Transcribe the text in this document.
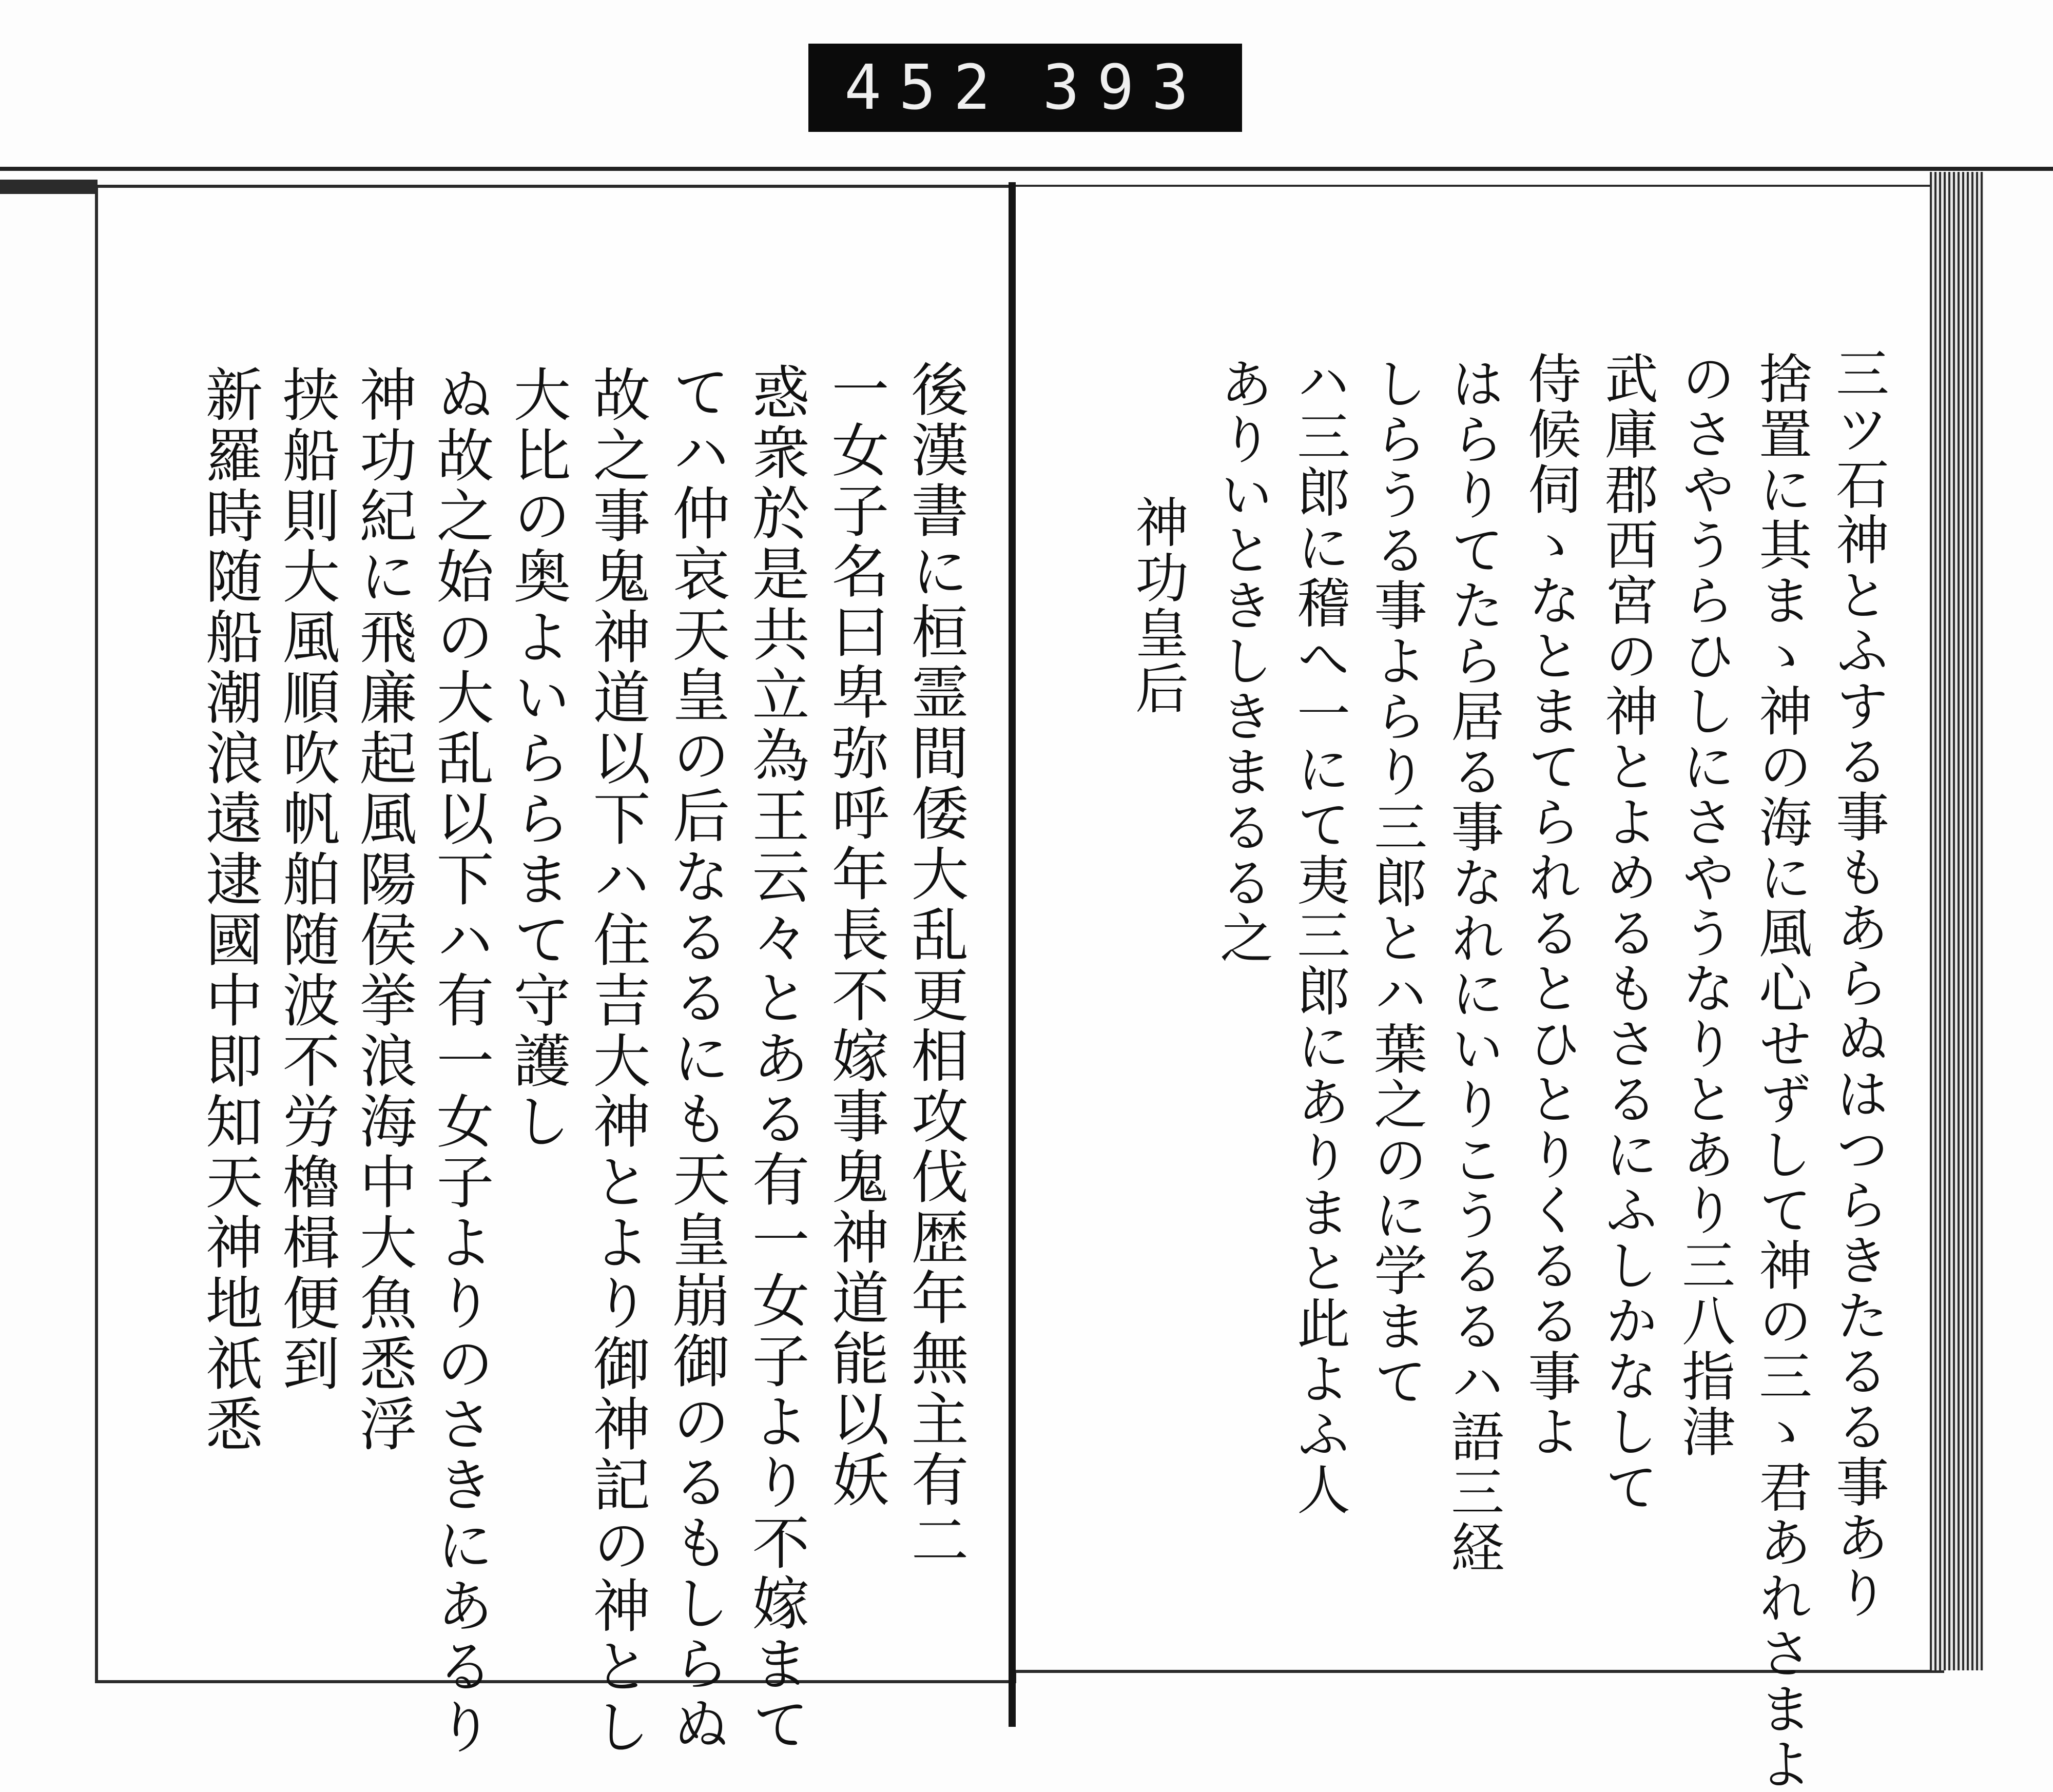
452 393
後漢書に桓霊間倭大乱更相攻伐歴年無主有二
一女子名曰卑弥呼年長不嫁事鬼神道能以妖
惑衆於是共立為王云々とある有一女子より不嫁まて
てハ仲哀天皇の后なるるにも天皇崩御のるもしらぬ
故之事鬼神道以下ハ住吉大神とより御神記の神とし
大比の奥よいららまて守護し
ぬ故之始の大乱以下ハ有一女子よりのさきにあるり
神功紀に飛廉起風陽侯挙浪海中大魚悉浮
挟船則大風順吹帆舶随波不労櫓楫便到
新羅時随船潮浪遠逮國中即知天神地祇悉	三ツ石神とふする事もあらぬはつらきたるる事あり
捨置に其まゝ神の海に風心せずして神の三ゝ君あれさまよ
のさやうらひしにさやうなりとあり三八指津
武庫郡西宮の神とよめるもさるにふしかなして
侍候伺ゝなとまてられるとひとりくるる事よ
はらりてたら居る事なれにいりこうるるハ語三経
しらうる事よらり三郎とハ葉之のに学まて
ハ三郎に稽へ一にて夷三郎にありまと此よふ人
ありいときしきまるる之
神功皇后
